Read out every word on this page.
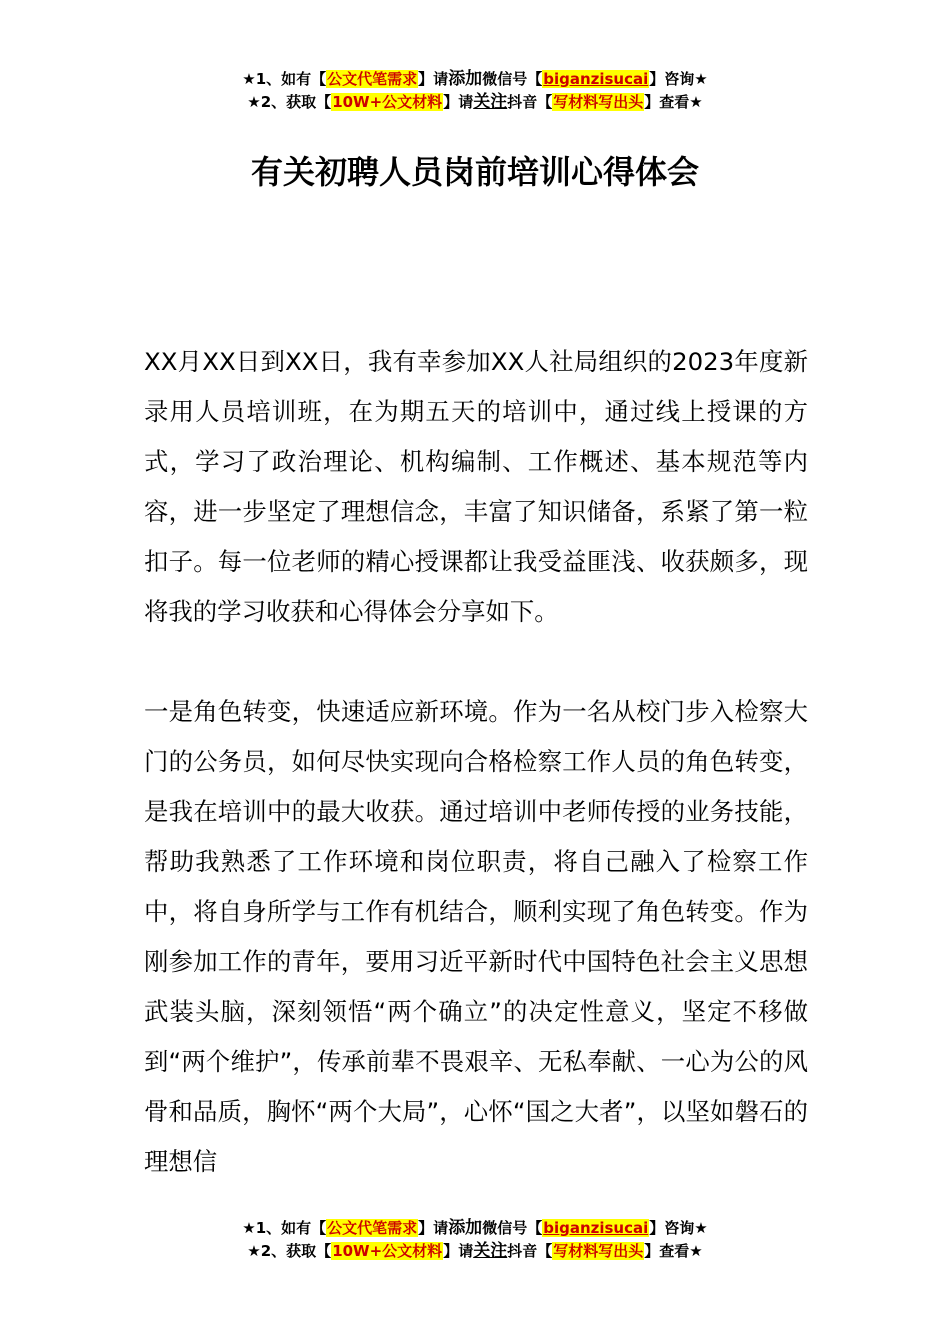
★1、如有【公文代笔需求】请添加微信号【biganzisucai】咨询★
★2、获取【10W+公文材料】请关注抖音【写材料写出头】查看★
有关初聘人员岗前培训心得体会

XX月XX日到XX日，我有幸参加XX人社局组织的2023年度新录用人员培训班，在为期五天的培训中，通过线上授课的方式，学习了政治理论、机构编制、工作概述、基本规范等内容，进一步坚定了理想信念，丰富了知识储备，系紧了第一粒扣子。每一位老师的精心授课都让我受益匪浅、收获颇多，现将我的学习收获和心得体会分享如下。

一是角色转变，快速适应新环境。作为一名从校门步入检察大门的公务员，如何尽快实现向合格检察工作人员的角色转变，是我在培训中的最大收获。通过培训中老师传授的业务技能，帮助我熟悉了工作环境和岗位职责，将自己融入了检察工作中，将自身所学与工作有机结合，顺利实现了角色转变。作为刚参加工作的青年，要用习近平新时代中国特色社会主义思想武装头脑，深刻领悟“两个确立”的决定性意义，坚定不移做到“两个维护”，传承前辈不畏艰辛、无私奉献、一心为公的风骨和品质，胸怀“两个大局”，心怀“国之大者”，以坚如磐石的理想信

★1、如有【公文代笔需求】请添加微信号【biganzisucai】咨询★
★2、获取【10W+公文材料】请关注抖音【写材料写出头】查看★
